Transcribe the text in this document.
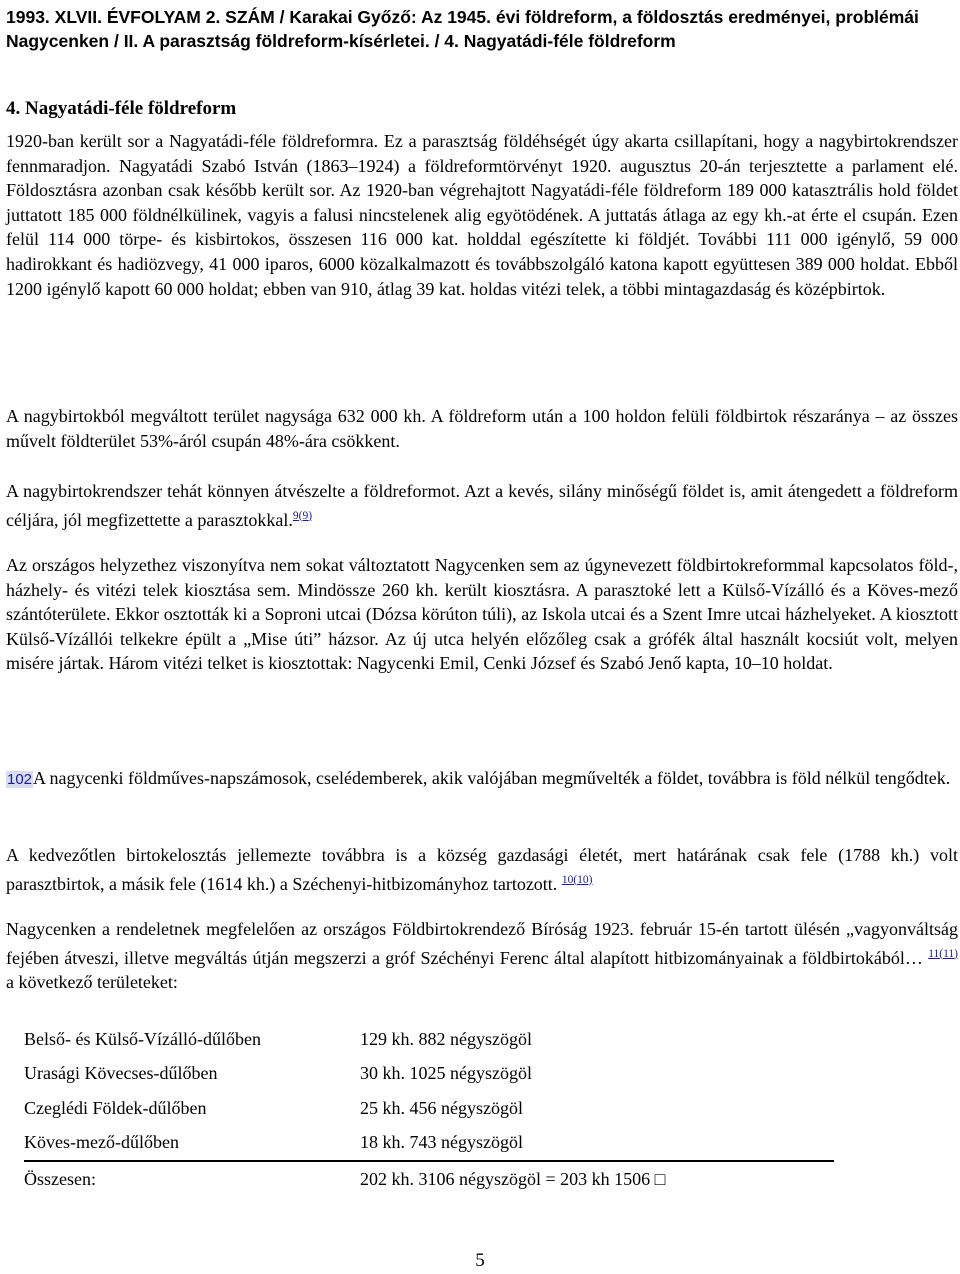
1993. XLVII. ÉVFOLYAM 2. SZÁM / Karakai Győző: Az 1945. évi földreform, a földosztás eredményei, problémái Nagycenken / II. A parasztság földreform-kísérletei. / 4. Nagyatádi-féle földreform
4. Nagyatádi-féle földreform

1920-ban került sor a Nagyatádi-féle földreformra. Ez a parasztság földéhségét úgy akarta csillapítani, hogy a nagybirtokrendszer fennmaradjon. Nagyatádi Szabó István (1863–1924) a földreformtörvényt 1920. augusztus 20-án terjesztette a parlament elé. Földosztásra azonban csak később került sor. Az 1920-ban végrehajtott Nagyatádi-féle földreform 189 000 katasztrális hold földet juttatott 185 000 földnélkülinek, vagyis a falusi nincstelenek alig egyötödének. A juttatás átlaga az egy kh.-at érte el csupán. Ezen felül 114 000 törpe- és kisbirtokos, összesen 116 000 kat. holddal egészítette ki földjét. További 111 000 igénylő, 59 000 hadirokkant és hadiözvegy, 41 000 iparos, 6000 közalkalmazott és továbbszolgáló katona kapott együttesen 389 000 holdat. Ebből 1200 igénylő kapott 60 000 holdat; ebben van 910, átlag 39 kat. holdas vitézi telek, a többi mintagazdaság és középbirtok.

A nagybirtokból megváltott terület nagysága 632 000 kh. A földreform után a 100 holdon felüli földbirtok részaránya – az összes művelt földterület 53%-áról csupán 48%-ára csökkent.

A nagybirtokrendszer tehát könnyen átvészelte a földreformot. Azt a kevés, silány minőségű földet is, amit átengedett a földreform céljára, jól megfizettette a parasztokkal.$^{9(9)}$

Az országos helyzethez viszonyítva nem sokat változtatott Nagycenken sem az úgynevezett földbirtokreformmal kapcsolatos föld-, házhely- és vitézi telek kiosztása sem. Mindössze 260 kh. került kiosztásra. A parasztoké lett a Külső-Vízálló és a Köves-mező szántóterülete. Ekkor osztották ki a Soproni utcai (Dózsa körúton túli), az Iskola utcai és a Szent Imre utcai házhelyeket. A kiosztott Külső-Vízállói telkekre épült a „Mise úti” házsor. Az új utca helyén előzőleg csak a grófék által használt kocsiút volt, melyen misére jártak. Három vitézi telket is kiosztottak: Nagycenki Emil, Cenki József és Szabó Jenő kapta, 10–10 holdat.

102A nagycenki földműves-napszámosok, cselédemberek, akik valójában megművelték a földet, továbbra is föld nélkül tengődtek.

A kedvezőtlen birtokelosztás jellemezte továbbra is a község gazdasági életét, mert határának csak fele (1788 kh.) volt parasztbirtok, a másik fele (1614 kh.) a Széchenyi-hitbizományhoz tartozott. $^{10(10)}$

Nagycenken a rendeletnek megfelelően az országos Földbirtokrendező Bíróság 1923. február 15-én tartott ülésén „vagyonváltság fejében átveszi, illetve megváltás útján megszerzi a gróf Széchényi Ferenc által alapított hitbizományainak a földbirtokából… $^{11(11)}$ a következő területeket:

Belső- és Külső-Vízálló-dűlőben	129 kh. 882 négyszögöl
Urasági Kövecses-dűlőben	30 kh. 1025 négyszögöl
Czeglédi Földek-dűlőben	25 kh. 456 négyszögöl
Köves-mező-dűlőben	18 kh. 743 négyszögöl
Összesen:	202 kh. 3106 négyszögöl = 203 kh 1506 □
5
